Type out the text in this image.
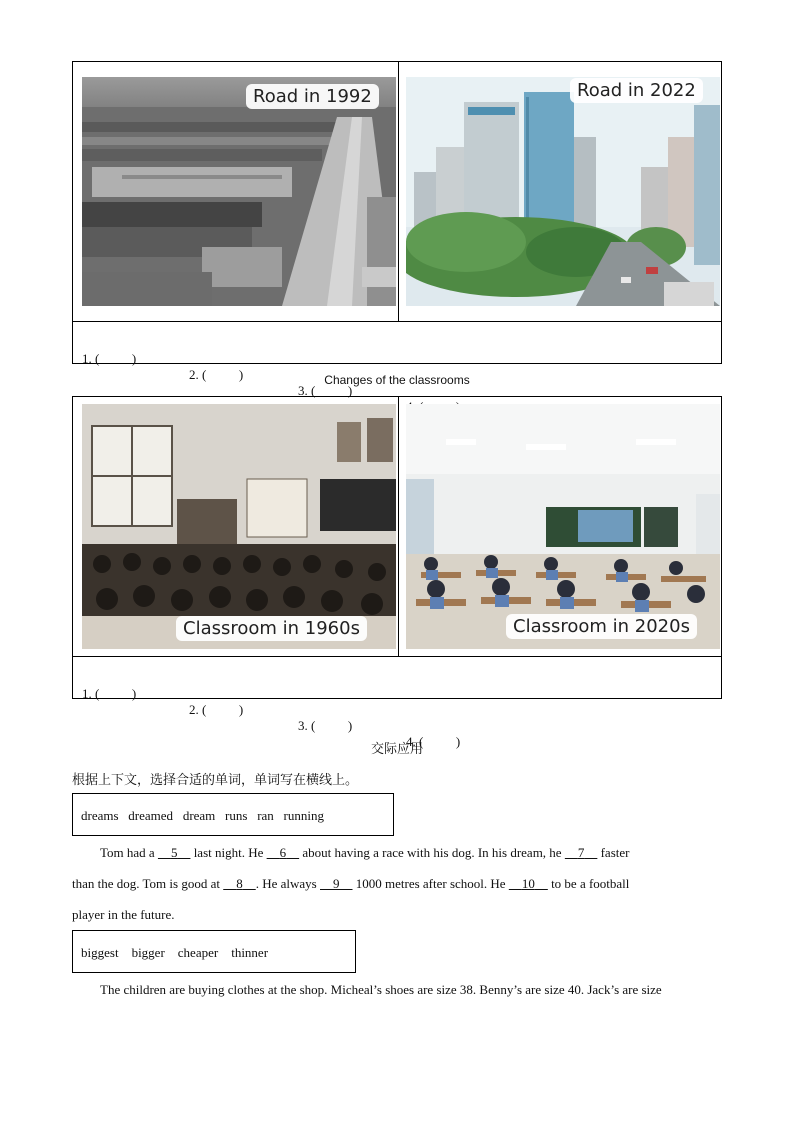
Road in 1992	Road in 2022

1. (          )

2. (          )

3. (          )

Changes of the classrooms
Classroom in 1960s	Classroom in 2020s

1. (          )

2. (          )

3. (          )

4. (          )

交际应用
根据上下文，选择合适的单词，单词写在横线上。
dreams dreamed dream runs ran running
Tom had a     5     last night. He     6     about having a race with his dog. In his dream, he     7     faster
than the dog. Tom is good at     8 . He always     9     1000 metres after school. He     10     to be a football
player in the future.
biggest bigger cheaper thinner
The children are buying clothes at the shop. Micheal’s shoes are size 38. Benny’s are size 40. Jack’s are size
